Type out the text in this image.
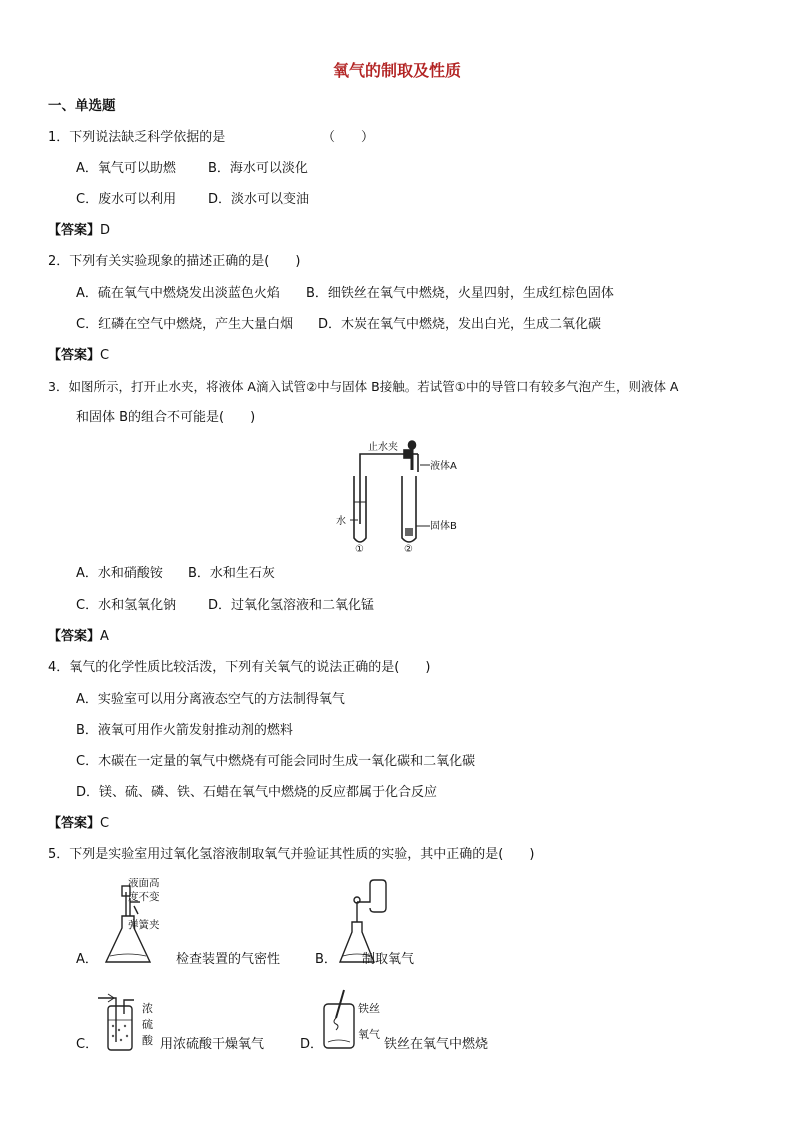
氧气的制取及性质
一、单选题
1．下列说法缺乏科学依据的是	（　　）
A．氧气可以助燃 B．海水可以淡化
C．废水可以利用 D．淡水可以变油
【答案】D
2．下列有关实验现象的描述正确的是(　　)
A．硫在氧气中燃烧发出淡蓝色火焰 B．细铁丝在氧气中燃烧，火星四射，生成红棕色固体
C．红磷在空气中燃烧，产生大量白烟 D．木炭在氧气中燃烧，发出白光，生成二氧化碳
【答案】C
3．如图所示，打开止水夹，将液体 A滴入试管②中与固体 B接触。若试管①中的导管口有较多气泡产生，则液体 A
和固体 B的组合不可能是(　　)
止水夹
液体A
水	固体B
①	②
A．水和硝酸铵 B．水和生石灰
C．水和氢氧化钠 D．过氧化氢溶液和二氧化锰
【答案】A
4．氧气的化学性质比较活泼，下列有关氧气的说法正确的是(　　)
A．实验室可以用分离液态空气的方法制得氧气
B．液氧可用作火箭发射推动剂的燃料
C．木碳在一定量的氧气中燃烧有可能会同时生成一氧化碳和二氧化碳
D．镁、硫、磷、铁、石蜡在氧气中燃烧的反应都属于化合反应
【答案】C
5．下列是实验室用过氧化氢溶液制取氧气并验证其性质的实验，其中正确的是(　　)
A．
液面高
度不变
弹簧夹
检查装置的气密性	B． 制取氧气
C．
浓
硫
酸 用浓硫酸干燥氧气	D．
铁丝
氧气
铁丝在氧气中燃烧
